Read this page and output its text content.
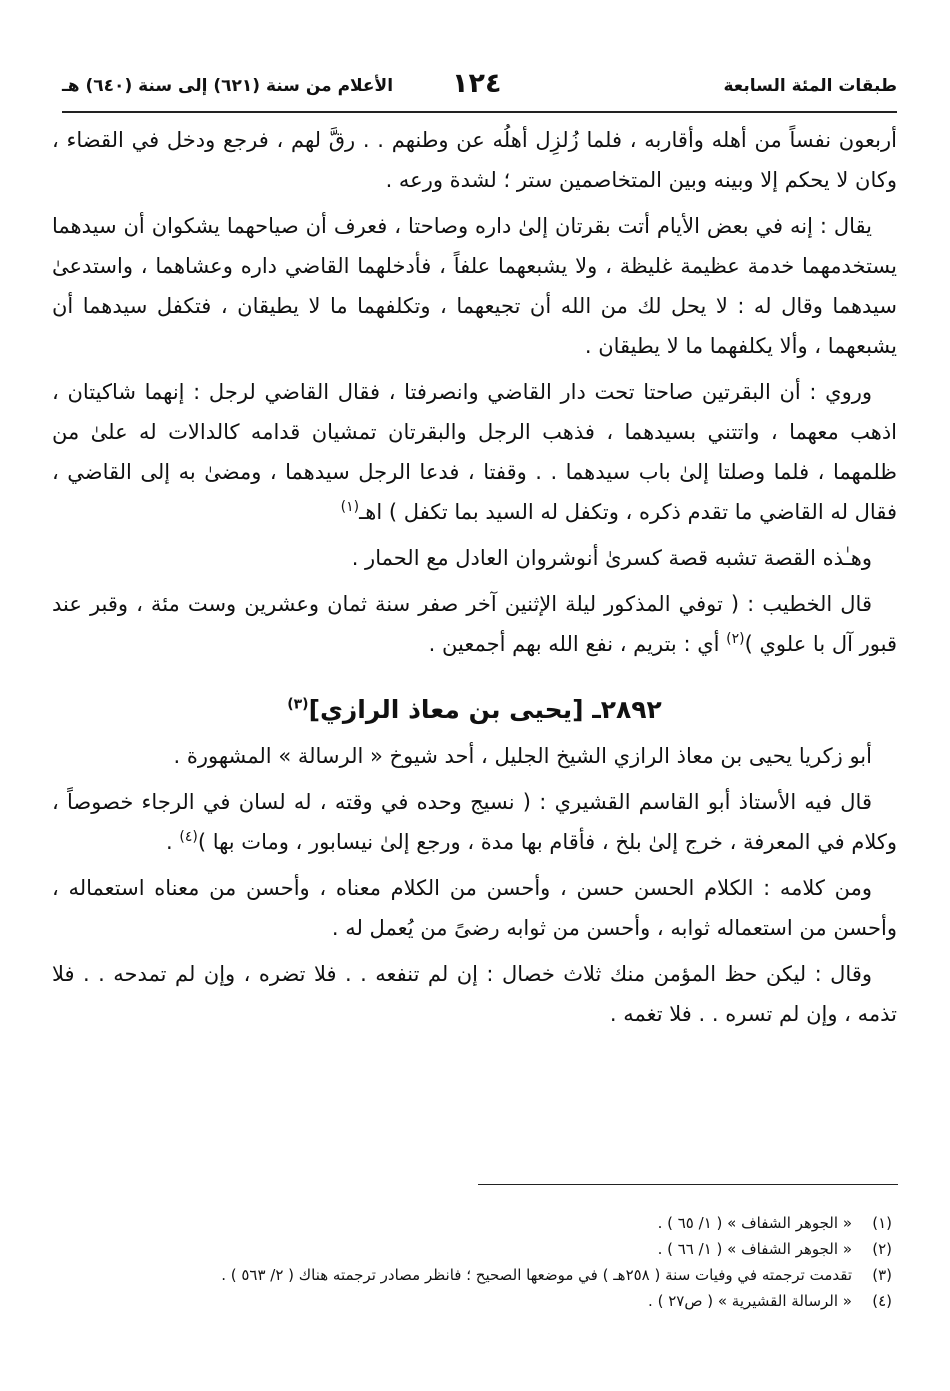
طبقات المئة السابعة
١٢٤
الأعلام من سنة (٦٢١) إلى سنة (٦٤٠) هـ

أربعون نفساً من أهله وأقاربه ، فلما زُلزِل أهلُه عن وطنهم . . رقَّ لهم ، فرجع ودخل في القضاء ، وكان لا يحكم إلا وبينه وبين المتخاصمين ستر ؛ لشدة ورعه .

يقال : إنه في بعض الأيام أتت بقرتان إلىٰ داره وصاحتا ، فعرف أن صياحهما يشكوان أن سيدهما يستخدمهما خدمة عظيمة غليظة ، ولا يشبعهما علفاً ، فأدخلهما القاضي داره وعشاهما ، واستدعىٰ سيدهما وقال له : لا يحل لك من الله أن تجيعهما ، وتكلفهما ما لا يطيقان ، فتكفل سيدهما أن يشبعهما ، وألا يكلفهما ما لا يطيقان .

وروي : أن البقرتين صاحتا تحت دار القاضي وانصرفتا ، فقال القاضي لرجل : إنهما شاكيتان ، اذهب معهما ، واتتني بسيدهما ، فذهب الرجل والبقرتان تمشيان قدامه كالدالات له علىٰ من ظلمهما ، فلما وصلتا إلىٰ باب سيدهما . . وقفتا ، فدعا الرجل سيدهما ، ومضىٰ به إلى القاضي ، فقال له القاضي ما تقدم ذكره ، وتكفل له السيد بما تكفل ) اهـ$^{(١)}$

وهـٰذه القصة تشبه قصة كسرىٰ أنوشروان العادل مع الحمار .

قال الخطيب : ( توفي المذكور ليلة الإثنين آخر صفر سنة ثمان وعشرين وست مئة ، وقبر عند قبور آل با علوي )$^{(٢)}$ أي : بتريم ، نفع الله بهم أجمعين .

٢٨٩٢ـ [يحيى بن معاذ الرازي]$^{(٣)}$

أبو زكريا يحيى بن معاذ الرازي الشيخ الجليل ، أحد شيوخ « الرسالة » المشهورة .

قال فيه الأستاذ أبو القاسم القشيري : ( نسيج وحده في وقته ، له لسان في الرجاء خصوصاً ، وكلام في المعرفة ، خرج إلىٰ بلخ ، فأقام بها مدة ، ورجع إلىٰ نيسابور ، ومات بها )$^{(٤)}$ .

ومن كلامه : الكلام الحسن حسن ، وأحسن من الكلام معناه ، وأحسن من معناه استعماله ، وأحسن من استعماله ثوابه ، وأحسن من ثوابه رضىً من يُعمل له .

وقال : ليكن حظ المؤمن منك ثلاث خصال : إن لم تنفعه . . فلا تضره ، وإن لم تمدحه . . فلا تذمه ، وإن لم تسره . . فلا تغمه .

(١)
« الجوهر الشفاف » ( ١/ ٦٥ ) .
(٢)
« الجوهر الشفاف » ( ١/ ٦٦ ) .
(٣)
تقدمت ترجمته في وفيات سنة ( ٢٥٨هـ ) في موضعها الصحيح ؛ فانظر مصادر ترجمته هناك ( ٢/ ٥٦٣ ) .
(٤)
« الرسالة القشيرية » ( ص٢٧ ) .
